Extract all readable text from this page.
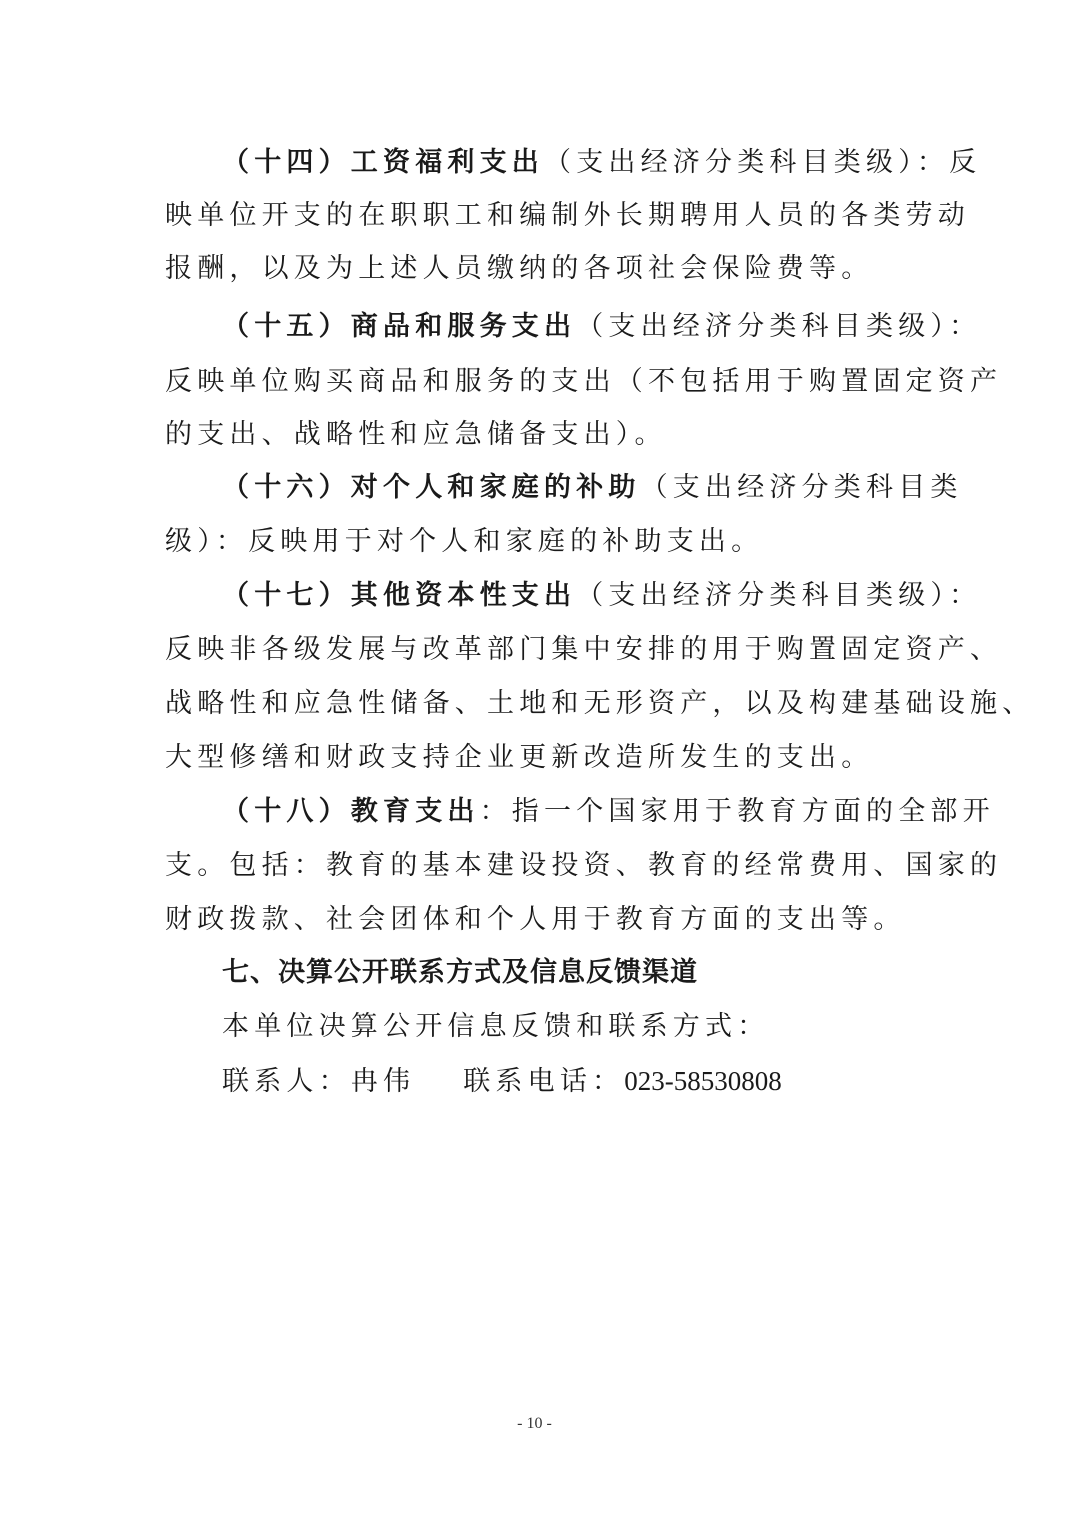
（十四）工资福利支出（支出经济分类科目类级）：反
映单位开支的在职职工和编制外长期聘用人员的各类劳动
报酬，以及为上述人员缴纳的各项社会保险费等。
（十五）商品和服务支出（支出经济分类科目类级）：
反映单位购买商品和服务的支出（不包括用于购置固定资产
的支出、战略性和应急储备支出）。
（十六）对个人和家庭的补助（支出经济分类科目类
级）：反映用于对个人和家庭的补助支出。
（十七）其他资本性支出（支出经济分类科目类级）：
反映非各级发展与改革部门集中安排的用于购置固定资产、
战略性和应急性储备、土地和无形资产，以及构建基础设施、
大型修缮和财政支持企业更新改造所发生的支出。
（十八）教育支出：指一个国家用于教育方面的全部开
支。包括：教育的基本建设投资、教育的经常费用、国家的
财政拨款、社会团体和个人用于教育方面的支出等。
七、决算公开联系方式及信息反馈渠道
本单位决算公开信息反馈和联系方式：
联系人：冉伟 联系电话：023-58530808
- 10 -
